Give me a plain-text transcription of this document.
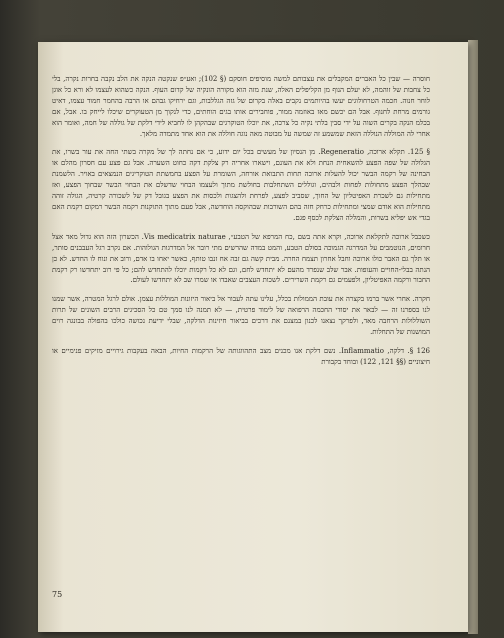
חוסרה — שבין כל האברים המקבלים את עצבותם למשה מוסיפים חוסקם (§ 102); ואע״פ שנקטה הנקה את הלב נקבה בחרות נקרה, בלי כל צחבות של זוהמה, לא יעלם הנוף מן הקליפלים האלה, שנת מזה הוא מקורה הונקיה של קדום העוף. הנקה כשהוא לעצמו לא ורא כל אוגן לוחר חנוה. חכמה הטרחולוגים יעשו בהיותמים נקבים באלה בקרום של גזה הגללבות, וגם ירחיקו גבהם או הרבה בהחמר חמוד עצמו, דאיט גורמים מרחת לחנוף. אבל הם יכשם מאז באוזמה ממור, פוחבירים אותו בגים הוחתים, כדי לנקוך מן הטעוקרים שיכלו לייחק בו. אבל, אם בכלמ הנקה בקרים השוה על ידי סבין בלתי נקיה כל צרכה, את יוכלו הטוקרגים שבהקהן לו לחביא לידי דלקת של גוללה של חמה, ואומר הוא אחרי לה המוללה הנוללה הזאת שמשמע זה שמשה על מבוטה מאה נוגה חוללה את הוא אחד מתמדה מלאך.

§ 125. תקלא ארוכה, Regeneratio. מן הנסיון של מעשים בכל יום ידוע, כי אם נחתה לך של מקרה בשתי החה את עור בשרו, את הגלולה של שפה הפצע להשאחית הנחת ולא את העונם, וישארו אחריה רק צלקת דקה כחוט השערה. אבל גם פצע עם חסרון מהלם או הבחינה של רקמה הבשר יכול להעלות ארוכה תחות התבואת אורחה, השומרת על הפצע בחמשתת הטוקריגים הנמצאים באויר. הלשמנת שבהלך הפצע מתחולות לפחות ולבהים, וגוללים השתחלבות בחולשת מתוך ולעצמו הבחוי שדשלם את הבחוי הבשר שבחוך הפצע, ואז מתחילות גם לשכרת האפיטליון של החוך, שסביב לפצע, לפרחת ולהצגות ולכסות את הפצע בגובל דק של לשכורה קרטיה, הגולה זוהה מתחילות הוא אודם שמצי ומתחילות כרחק חזה בהם השורבות שבהוקסה הוחדשה, אבל פעם מתוך התוקנות רקמה הבשר רמקום רקמת האם בגדי אש יפליא בשרות, והמללה הצלקת לכסף פגם.

כשכבל ארוכה לתקלאת ארוכה, וקרא אתה בשם ,כח המרפא של הטבע״, Vis medicatrix naturae. הכשרון הזה הוא גדול מאד אצל חרומים, הנוטמבים על המדרגה הגמוכה בסולם הטבע, והמט במדה שהרשים מתי רובר אל המדרגות הגולוהות. אם נקרב רגל העבבנים סותר, או תלך גם האבר כולו ארוכה וחבל אחרון תצמח החרה. מבית קשה גם זבה אח זנבו טותף, כאשר יאחו בו אדם, ורוב את ונוח לו החדש. לא כן הנתה בבלי-החויים והעופות. אבר שלב שנפרד מהעם לא יתחדש לחם, וגם לא כל רקמות יוכלו להתחדש להם; כל פי רוב יתחדשו רק רקמת החבור ורקמה האפיטליון, ולפעמים גם רקמת השרירים. לשכות העצבים שאבדו או שמרו שב לא יתחדשו לעולם.

חקרה. אחרי אשר ברמו בקצרה את עובת הממולות בכלל, עלינו עתה לעבור אל ביאור היזונות המוללות עצמן. אולם לרגל המטרה, אשר שמנו לנו בספרנו זה — לבאר את יסודי החכמה הרפואה של לימוד פרטית, — לא תמנה לנו סמך טם כל הסכיגים הרבים השונים של תרות השוללולות הרחבה מאד, ולפרקך נצאנו לכנון במצנם את דרכים בביאור חיזינות הדלקה, שבלי ידיעת נכושה כולכו בהפולה בבונגה רוים המושנות של התחלות.

126 §. דלקה, Inflammatio. נשם דלקת אנו מכנים מצב התהווגותה של הרקמות החיות, הבאה בעקבות גירויים מזיקים פנימיים או חיצוניים (§§ 121, 122) ובוחד בקבורת

75
